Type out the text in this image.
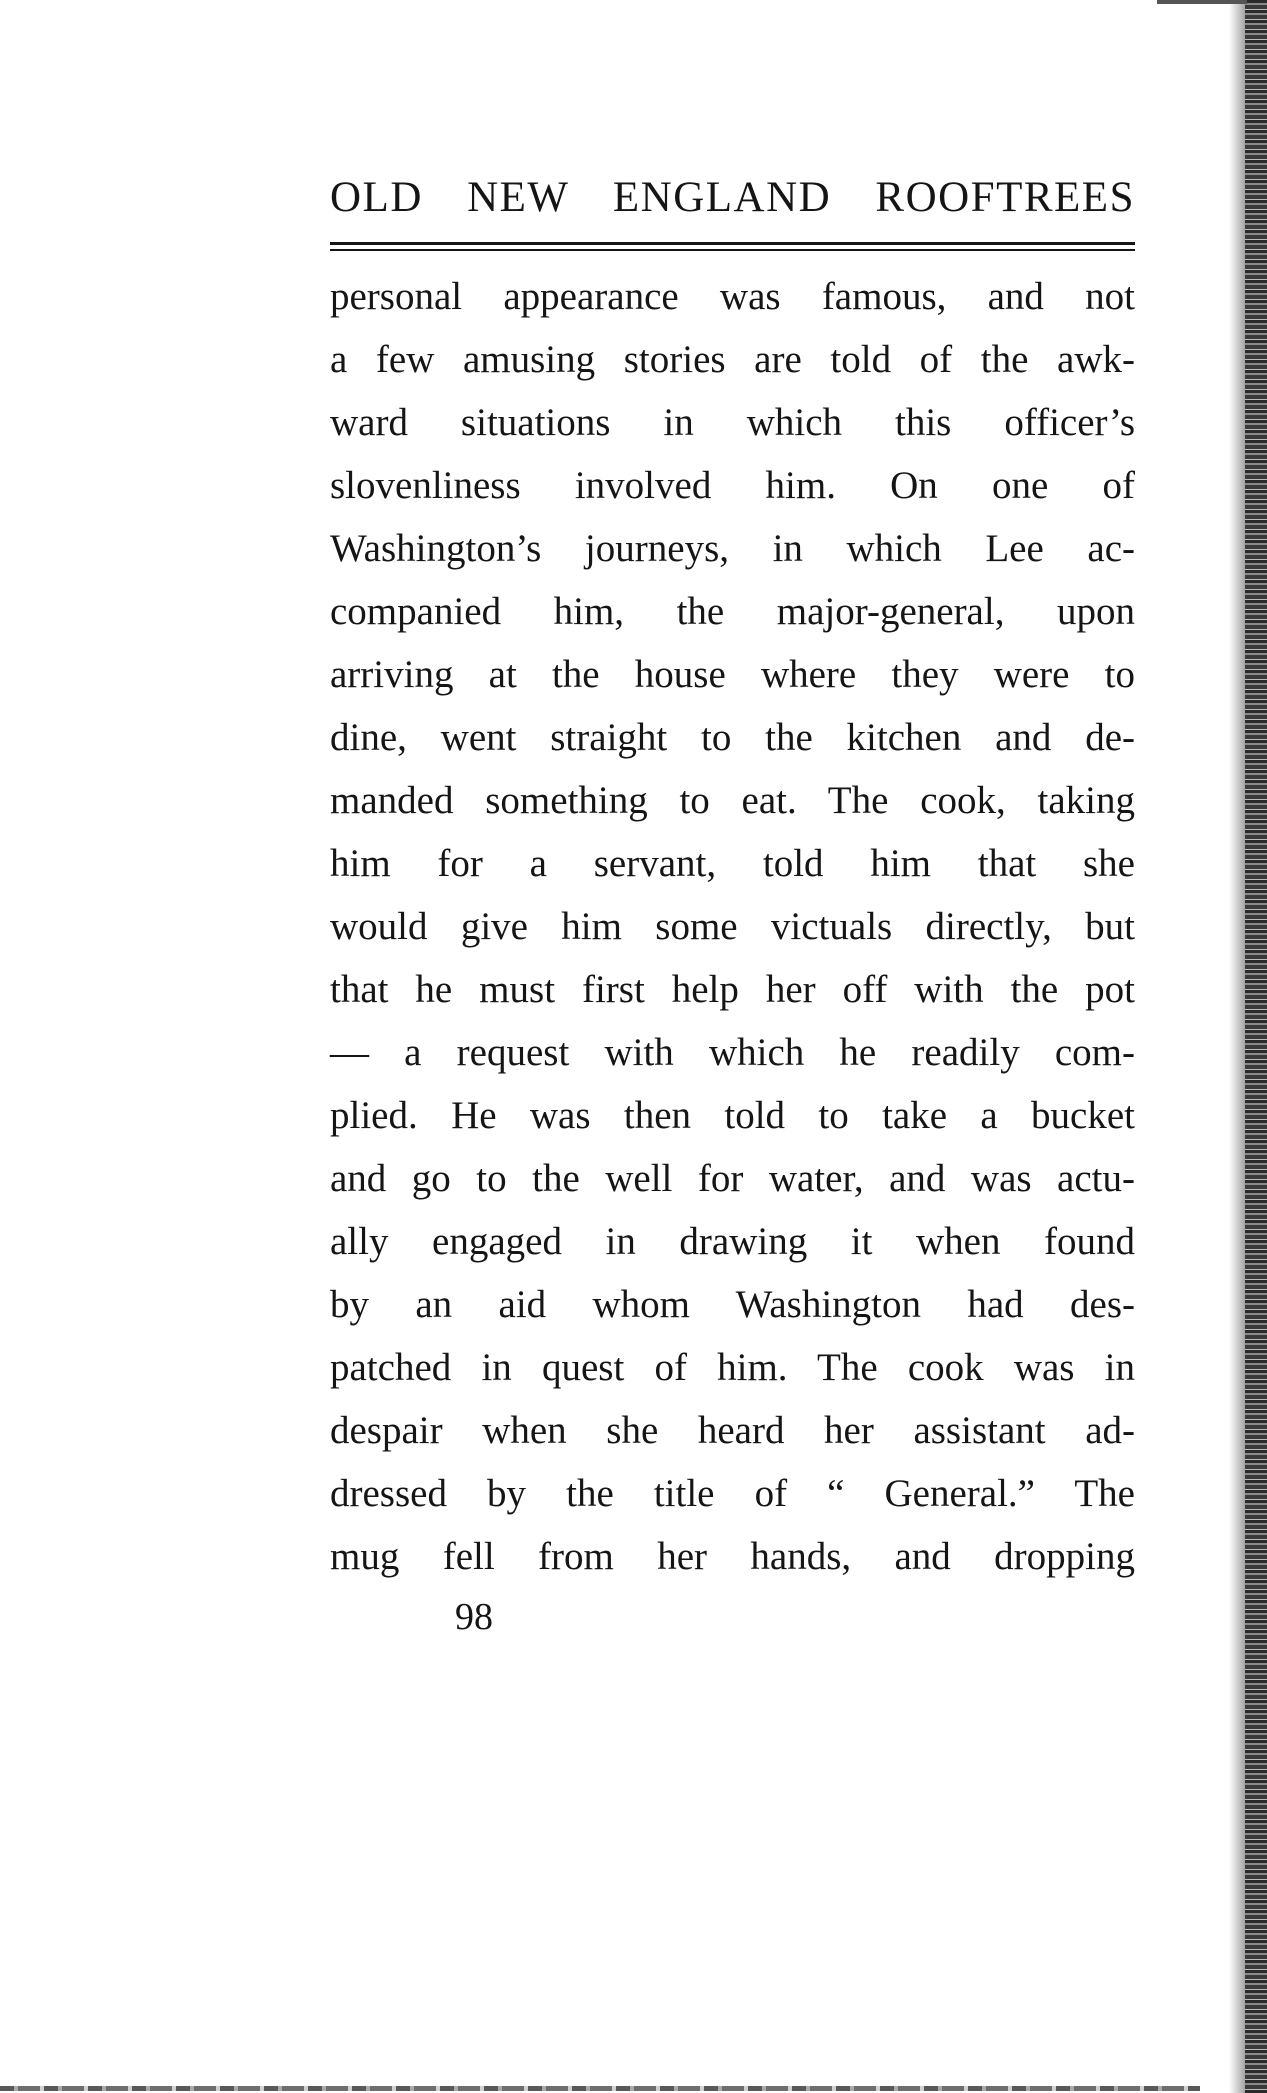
OLD NEW ENGLAND ROOFTREES
personal appearance was famous, and not
a few amusing stories are told of the awk-
ward situations in which this officer’s
slovenliness involved him. On one of
Washington’s journeys, in which Lee ac-
companied him, the major-general, upon
arriving at the house where they were to
dine, went straight to the kitchen and de-
manded something to eat. The cook, taking
him for a servant, told him that she
would give him some victuals directly, but
that he must first help her off with the pot
— a request with which he readily com-
plied. He was then told to take a bucket
and go to the well for water, and was actu-
ally engaged in drawing it when found
by an aid whom Washington had des-
patched in quest of him. The cook was in
despair when she heard her assistant ad-
dressed by the title of “ General.” The
mug fell from her hands, and dropping
98
